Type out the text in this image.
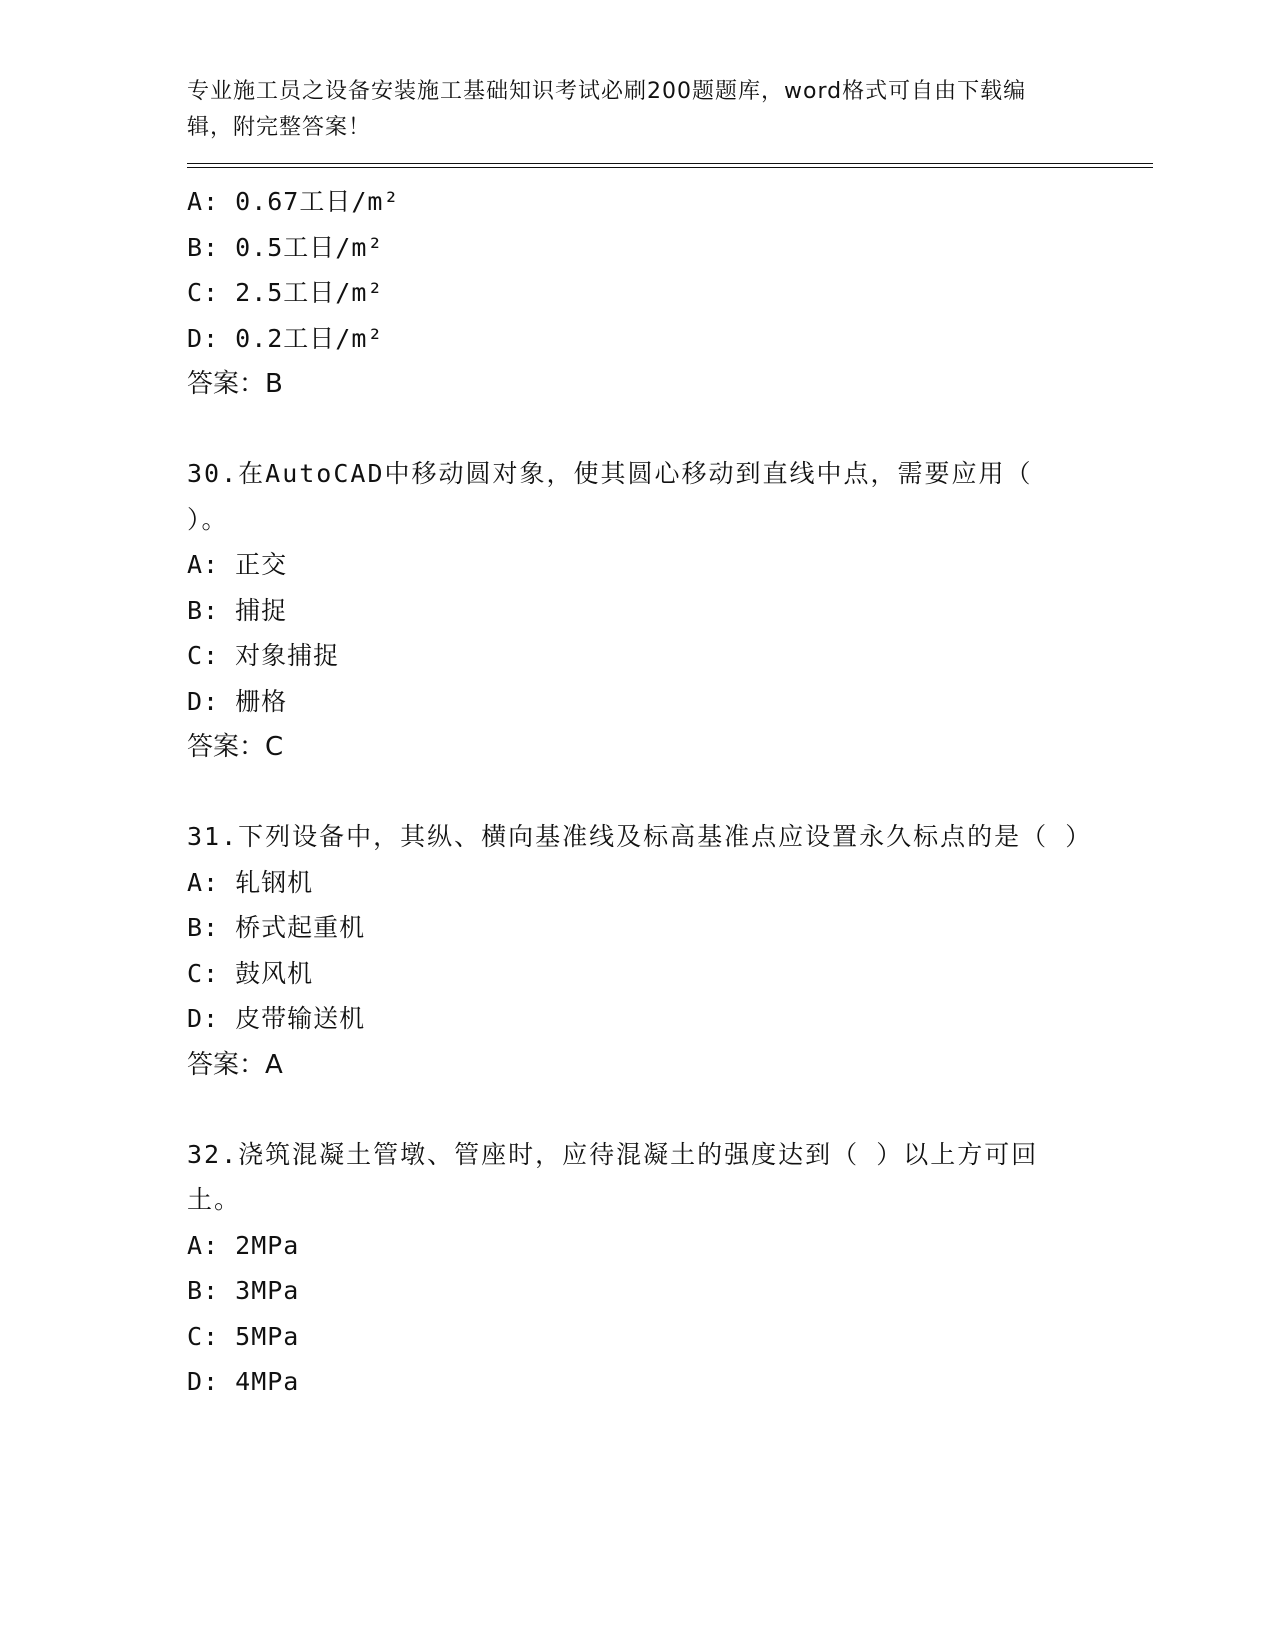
专业施工员之设备安装施工基础知识考试必刷200题题库，word格式可自由下载编辑，附完整答案！
A: 0.67工日/m²
B: 0.5工日/m²
C: 2.5工日/m²
D: 0.2工日/m²
答案：B
30.在AutoCAD中移动圆对象，使其圆心移动到直线中点，需要应用（ ）。
A: 正交
B: 捕捉
C: 对象捕捉
D: 栅格
答案：C
31.下列设备中，其纵、横向基准线及标高基准点应设置永久标点的是（ ）
A: 轧钢机
B: 桥式起重机
C: 鼓风机
D: 皮带输送机
答案：A
32.浇筑混凝土管墩、管座时，应待混凝土的强度达到（ ）以上方可回土。
A: 2MPa
B: 3MPa
C: 5MPa
D: 4MPa
